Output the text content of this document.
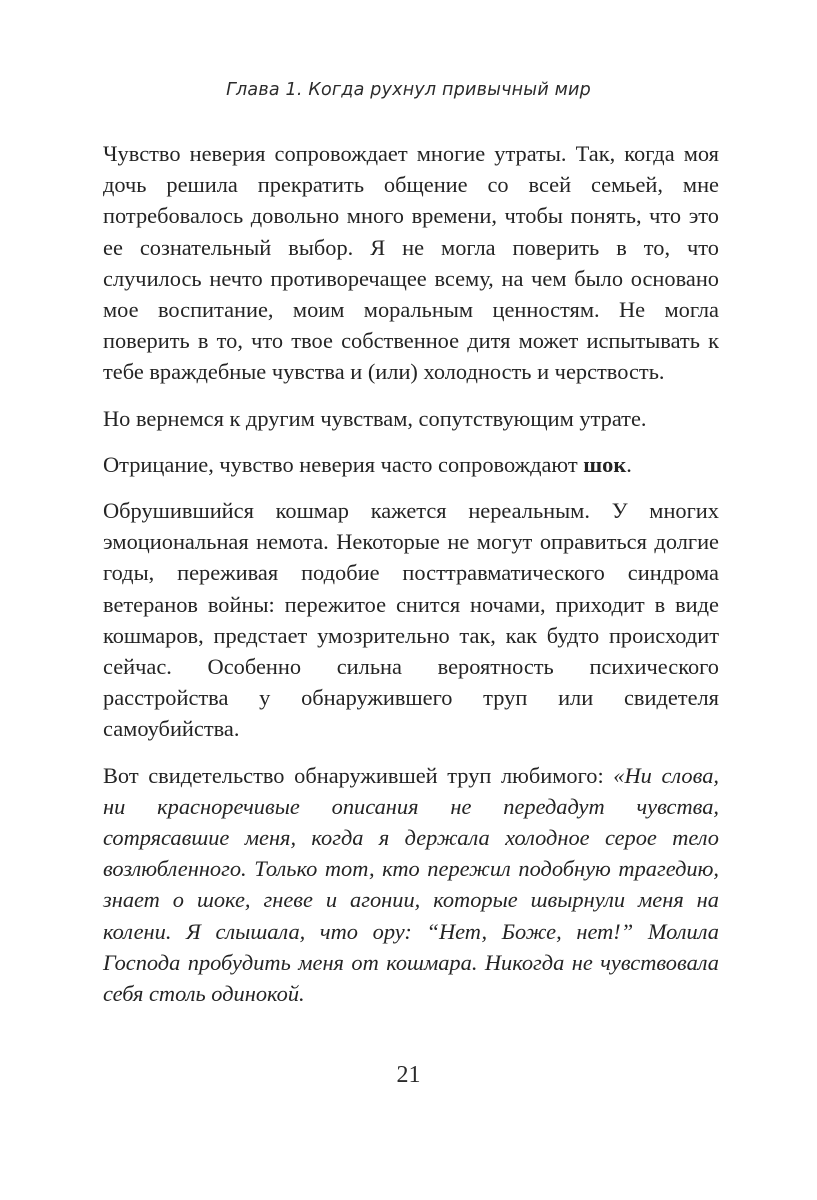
Глава 1. Когда рухнул привычный мир

Чувство неверия сопровождает многие утраты. Так, когда моя дочь решила прекратить общение со всей семьей, мне потребовалось довольно много времени, чтобы понять, что это ее сознательный выбор. Я не могла поверить в то, что случилось нечто противоречащее всему, на чем было основано мое воспитание, моим моральным ценностям. Не могла поверить в то, что твое собственное дитя может испытывать к тебе враждебные чувства и (или) холодность и черствость.

Но вернемся к другим чувствам, сопутствующим утрате.

Отрицание, чувство неверия часто сопровождают шок.

Обрушившийся кошмар кажется нереальным. У многих эмоциональная немота. Некоторые не могут оправиться долгие годы, переживая подобие посттравматического синдрома ветеранов войны: пережитое снится ночами, приходит в виде кошмаров, предстает умозрительно так, как будто происходит сейчас. Особенно сильна вероятность психического расстройства у обнаружившего труп или свидетеля самоубийства.

Вот свидетельство обнаружившей труп любимого: «Ни слова, ни красноречивые описания не передадут чувства, сотрясавшие меня, когда я держала холодное серое тело возлюбленного. Только тот, кто пережил подобную трагедию, знает о шоке, гневе и агонии, которые швырнули меня на колени. Я слышала, что ору: “Нет, Боже, нет!” Молила Господа пробудить меня от кошмара. Никогда не чувствовала себя столь одинокой.

21
